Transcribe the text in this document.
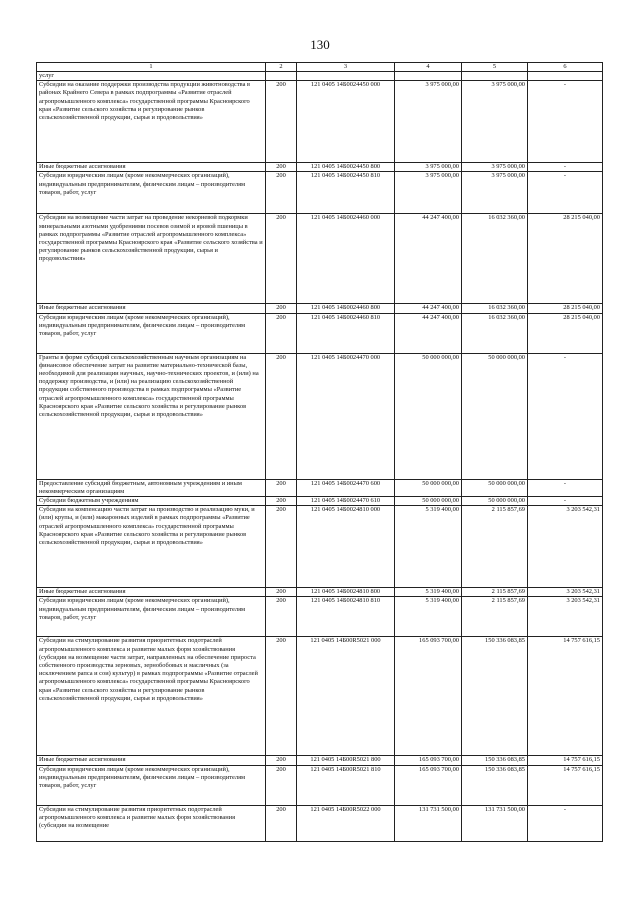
130
1	2	3	4	5	6
услуг					
Субсидии на оказание поддержки производства продукции животноводства в районах Крайнего Севера в рамках подпрограммы «Развитие отраслей агропромышленного комплекса» государственной программы Красноярского края «Развитие сельского хозяйства и регулирование рынков сельскохозяйственной продукции, сырья и продовольствия»	200	121 0405 14Б0024450 000	3 975 000,00	3 975 000,00	-
Иные бюджетные ассигнования	200	121 0405 14Б0024450 800	3 975 000,00	3 975 000,00	-
Субсидии юридическим лицам (кроме некоммерческих организаций), индивидуальным предпринимателям, физическим лицам – производителям товаров, работ, услуг	200	121 0405 14Б0024450 810	3 975 000,00	3 975 000,00	-
Субсидии на возмещение части затрат на проведение некорневой подкормки минеральными азотными удобрениями посевов озимой и яровой пшеницы в рамках подпрограммы «Развитие отраслей агропромышленного комплекса» государственной программы Красноярского края «Развитие сельского хозяйства и регулирование рынков сельскохозяйственной продукции, сырья и продовольствия»	200	121 0405 14Б0024460 000	44 247 400,00	16 032 360,00	28 215 040,00
Иные бюджетные ассигнования	200	121 0405 14Б0024460 800	44 247 400,00	16 032 360,00	28 215 040,00
Субсидии юридическим лицам (кроме некоммерческих организаций), индивидуальным предпринимателям, физическим лицам – производителям товаров, работ, услуг	200	121 0405 14Б0024460 810	44 247 400,00	16 032 360,00	28 215 040,00
Гранты в форме субсидий сельскохозяйственным научным организациям на финансовое обеспечение затрат на развитие материально-технической базы, необходимой для реализации научных, научно-технических проектов, и (или) на поддержку производства, и (или) на реализацию сельскохозяйственной продукции собственного производства в рамках подпрограммы «Развитие отраслей агропромышленного комплекса» государственной программы Красноярского края «Развитие сельского хозяйства и регулирование рынков сельскохозяйственной продукции, сырья и продовольствия»	200	121 0405 14Б0024470 000	50 000 000,00	50 000 000,00	-
Предоставление субсидий бюджетным, автономным учреждениям и иным некоммерческим организациям	200	121 0405 14Б0024470 600	50 000 000,00	50 000 000,00	-
Субсидии бюджетным учреждениям	200	121 0405 14Б0024470 610	50 000 000,00	50 000 000,00	-
Субсидии на компенсацию части затрат на производство и реализацию муки, и (или) крупы, и (или) макаронных изделий в рамках подпрограммы «Развитие отраслей агропромышленного комплекса» государственной программы Красноярского края «Развитие сельского хозяйства и регулирование рынков сельскохозяйственной продукции, сырья и продовольствия»	200	121 0405 14Б0024810 000	5 319 400,00	2 115 857,69	3 203 542,31
Иные бюджетные ассигнования	200	121 0405 14Б0024810 800	5 319 400,00	2 115 857,69	3 203 542,31
Субсидии юридическим лицам (кроме некоммерческих организаций), индивидуальным предпринимателям, физическим лицам – производителям товаров, работ, услуг	200	121 0405 14Б0024810 810	5 319 400,00	2 115 857,69	3 203 542,31
Субсидии на стимулирование развития приоритетных подотраслей агропромышленного комплекса и развитие малых форм хозяйствования (субсидии на возмещение части затрат, направленных на обеспечение прироста собственного производства зерновых, зернобобовых и масличных (за исключением рапса и сои) культур) в рамках подпрограммы «Развитие отраслей агропромышленного комплекса» государственной программы Красноярского края «Развитие сельского хозяйства и регулирование рынков сельскохозяйственной продукции, сырья и продовольствия»	200	121 0405 14Б00R5021 000	165 093 700,00	150 336 083,85	14 757 616,15
Иные бюджетные ассигнования	200	121 0405 14Б00R5021 800	165 093 700,00	150 336 083,85	14 757 616,15
Субсидии юридическим лицам (кроме некоммерческих организаций), индивидуальным предпринимателям, физическим лицам – производителям товаров, работ, услуг	200	121 0405 14Б00R5021 810	165 093 700,00	150 336 083,85	14 757 616,15
Субсидии на стимулирование развития приоритетных подотраслей агропромышленного комплекса и развитие малых форм хозяйствования (субсидии на возмещение	200	121 0405 14Б00R5022 000	131 731 500,00	131 731 500,00	-
